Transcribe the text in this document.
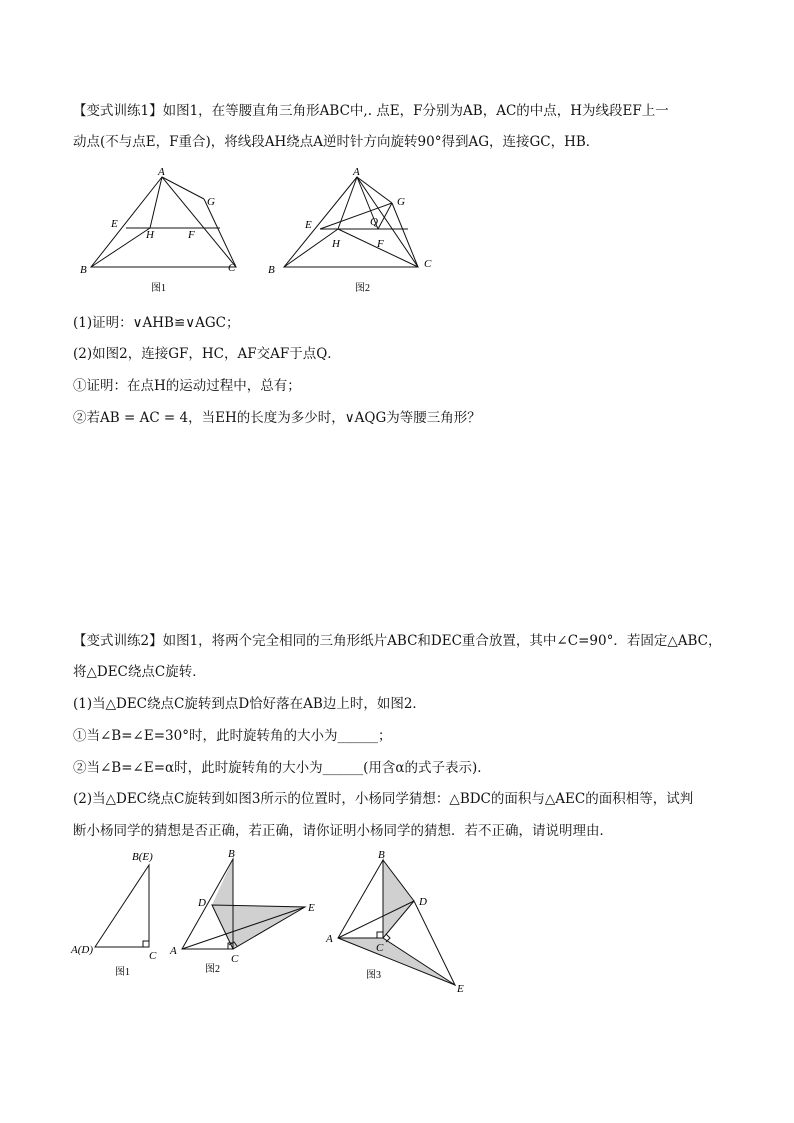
【变式训练1】如图1，在等腰直角三角形ABC中,. 点E，F分别为AB，AC的中点，H为线段EF上一
动点(不与点E，F重合)，将线段AH绕点A逆时针方向旋转90°得到AG，连接GC，HB．
A
B	C
E
F
G
H
图1
A
B	C
E
F
G
H
Q
图2
(1)证明：∨AHB≌∨AGC；
(2)如图2，连接GF，HC，AF交AF于点Q．
①证明：在点H的运动过程中，总有；
②若AB = AC = 4，当EH的长度为多少时，∨AQG为等腰三角形？
【变式训练2】如图1，将两个完全相同的三角形纸片ABC和DEC重合放置，其中∠C=90°．若固定△ABC，
将△DEC绕点C旋转．
(1)当△DEC绕点C旋转到点D恰好落在AB边上时，如图2．
①当∠B=∠E=30°时，此时旋转角的大小为______；
②当∠B=∠E=α时，此时旋转角的大小为______(用含α的式子表示)．
(2)当△DEC绕点C旋转到如图3所示的位置时，小杨同学猜想：△BDC的面积与△AEC的面积相等，试判
断小杨同学的猜想是否正确，若正确，请你证明小杨同学的猜想．若不正确，请说明理由．
B(E)
A(D)	C
图1
B
A
C
D	E
图2
B
A
C
D
E
图3
